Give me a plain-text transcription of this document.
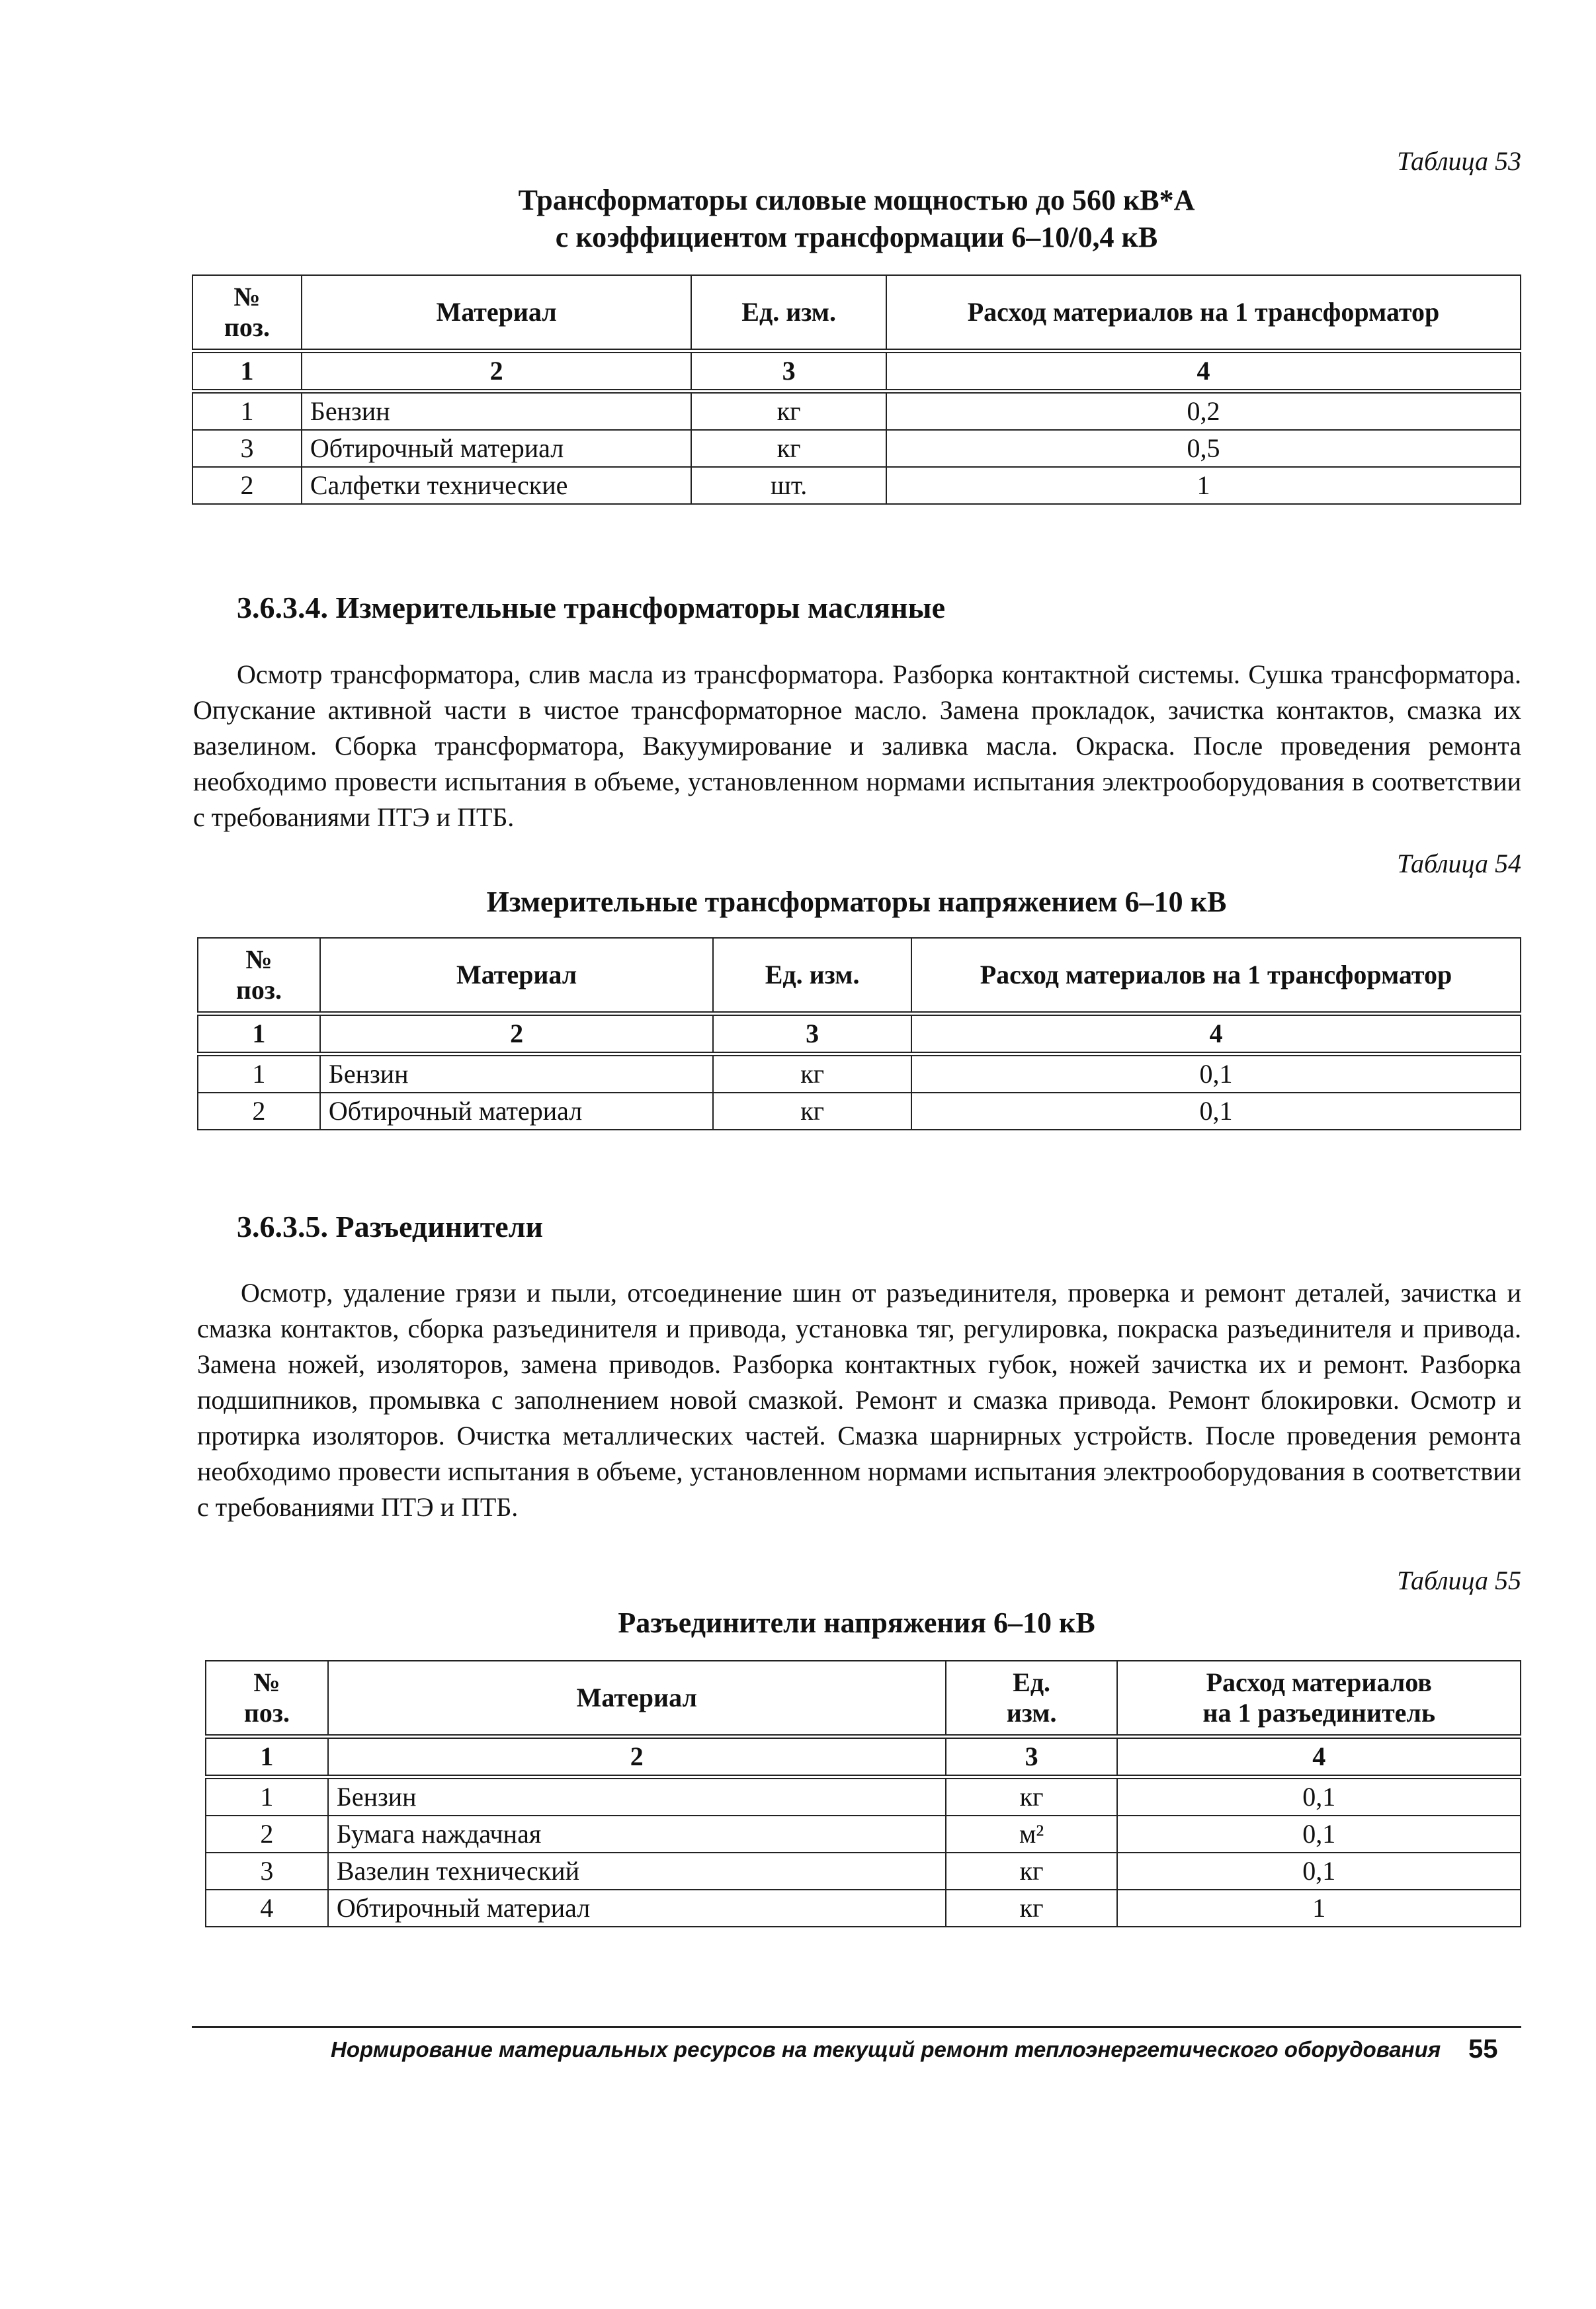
Таблица 53
Трансформаторы силовые мощностью до 560 кВ*А
с коэффициентом трансформации 6–10/0,4 кВ
№
поз.	Материал	Ед. изм.	Расход материалов на 1 трансформатор
1	2	3	4
1	Бензин	кг	0,2
3	Обтирочный материал	кг	0,5
2	Салфетки технические	шт.	1
3.6.3.4. Измерительные трансформаторы масляные
Осмотр трансформатора, слив масла из трансформатора. Разборка контактной системы. Сушка трансформатора. Опускание активной части в чистое трансформаторное масло. Замена прокладок, зачистка контактов, смазка их вазелином. Сборка трансформатора, Вакуумирование и заливка масла. Окраска. После проведения ремонта необходимо провести испытания в объеме, установленном нормами испытания электрооборудования в соответствии с требованиями ПТЭ и ПТБ.
Таблица 54
Измерительные трансформаторы напряжением 6–10 кВ
№
поз.	Материал	Ед. изм.	Расход материалов на 1 трансформатор
1	2	3	4
1	Бензин	кг	0,1
2	Обтирочный материал	кг	0,1
3.6.3.5. Разъединители
Осмотр, удаление грязи и пыли, отсоединение шин от разъединителя, проверка и ремонт деталей, зачистка и смазка контактов, сборка разъединителя и привода, установка тяг, регулировка, покраска разъединителя и привода. Замена ножей, изоляторов, замена приводов. Разборка контактных губок, ножей зачистка их и ремонт. Разборка подшипников, промывка с заполнением новой смазкой. Ремонт и смазка привода. Ремонт блокировки. Осмотр и протирка изоляторов. Очистка металлических частей. Смазка шарнирных устройств. После проведения ремонта необходимо провести испытания в объеме, установленном нормами испытания электрооборудования в соответствии с требованиями ПТЭ и ПТБ.
Таблица 55
Разъединители напряжения 6–10 кВ
№
поз.	Материал	Ед.
изм.	Расход материалов
на 1 разъединитель
1	2	3	4
1	Бензин	кг	0,1
2	Бумага наждачная	м²	0,1
3	Вазелин технический	кг	0,1
4	Обтирочный материал	кг	1
Нормирование материальных ресурсов на текущий ремонт теплоэнергетического оборудования 55
